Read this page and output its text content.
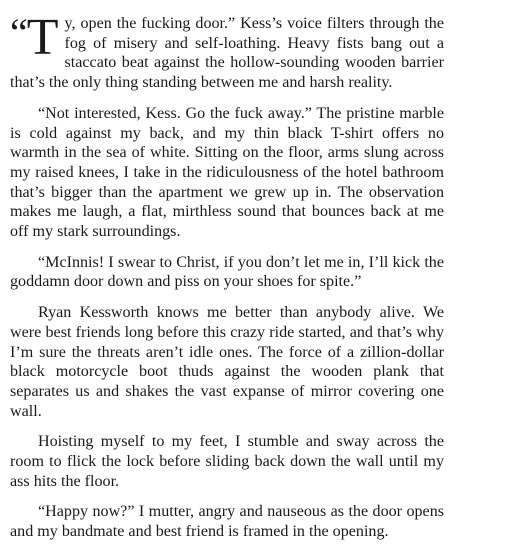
“ T y, open the fucking door.” Kess’s voice filters through the fog of misery and self-loathing. Heavy fists bang out a staccato beat against the hollow-sounding wooden barrier that’s the only thing standing between me and harsh reality.

“Not interested, Kess. Go the fuck away.” The pristine marble is cold against my back, and my thin black T-shirt offers no warmth in the sea of white. Sitting on the floor, arms slung across my raised knees, I take in the ridiculousness of the hotel bathroom that’s bigger than the apartment we grew up in. The observation makes me laugh, a flat, mirthless sound that bounces back at me off my stark surroundings.

“McInnis! I swear to Christ, if you don’t let me in, I’ll kick the goddamn door down and piss on your shoes for spite.”

Ryan Kessworth knows me better than anybody alive. We were best friends long before this crazy ride started, and that’s why I’m sure the threats aren’t idle ones. The force of a zillion-dollar black motorcycle boot thuds against the wooden plank that separates us and shakes the vast expanse of mirror covering one wall.

Hoisting myself to my feet, I stumble and sway across the room to flick the lock before sliding back down the wall until my ass hits the floor.

“Happy now?” I mutter, angry and nauseous as the door opens and my bandmate and best friend is framed in the opening.
